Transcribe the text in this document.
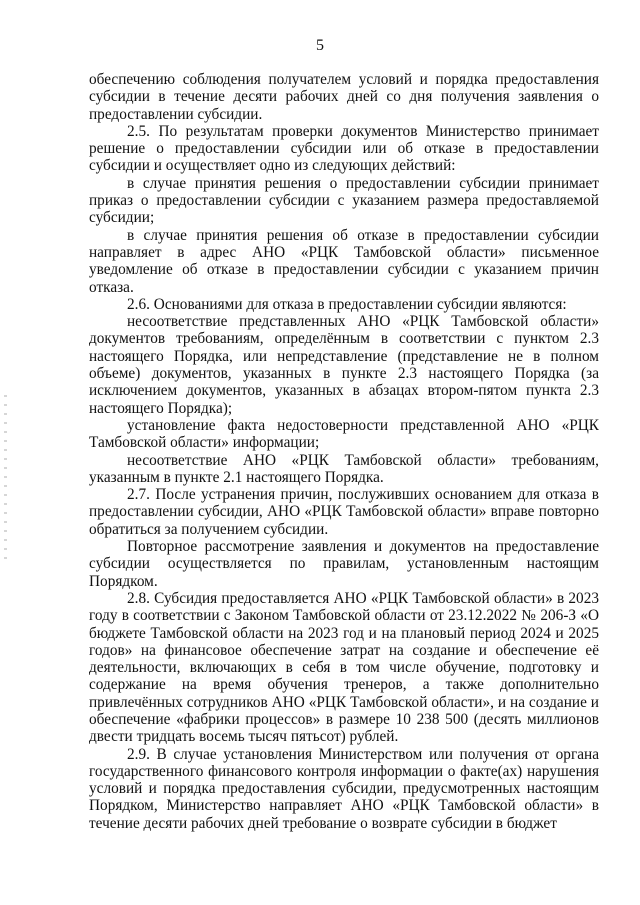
5

обеспечению соблюдения получателем условий и порядка предоставления субсидии в течение десяти рабочих дней со дня получения заявления о предоставлении субсидии.

2.5. По результатам проверки документов Министерство принимает решение о предоставлении субсидии или об отказе в предоставлении субсидии и осуществляет одно из следующих действий:

в случае принятия решения о предоставлении субсидии принимает приказ о предоставлении субсидии с указанием размера предоставляемой субсидии;

в случае принятия решения об отказе в предоставлении субсидии направляет в адрес АНО «РЦК Тамбовской области» письменное уведомление об отказе в предоставлении субсидии с указанием причин отказа.

2.6. Основаниями для отказа в предоставлении субсидии являются:

несоответствие представленных АНО «РЦК Тамбовской области» документов требованиям, определённым в соответствии с пунктом 2.3 настоящего Порядка, или непредставление (представление не в полном объеме) документов, указанных в пункте 2.3 настоящего Порядка (за исключением документов, указанных в абзацах втором-пятом пункта 2.3 настоящего Порядка);

установление факта недостоверности представленной АНО «РЦК Тамбовской области» информации;

несоответствие АНО «РЦК Тамбовской области» требованиям, указанным в пункте 2.1 настоящего Порядка.

2.7. После устранения причин, послуживших основанием для отказа в предоставлении субсидии, АНО «РЦК Тамбовской области» вправе повторно обратиться за получением субсидии.

Повторное рассмотрение заявления и документов на предоставление субсидии осуществляется по правилам, установленным настоящим Порядком.

2.8. Субсидия предоставляется АНО «РЦК Тамбовской области» в 2023 году в соответствии с Законом Тамбовской области от 23.12.2022 № 206-З «О бюджете Тамбовской области на 2023 год и на плановый период 2024 и 2025 годов» на финансовое обеспечение затрат на создание и обеспечение её деятельности, включающих в себя в том числе обучение, подготовку и содержание на время обучения тренеров, а также дополнительно привлечённых сотрудников АНО «РЦК Тамбовской области», и на создание и обеспечение «фабрики процессов» в размере 10 238 500 (десять миллионов двести тридцать восемь тысяч пятьсот) рублей.

2.9. В случае установления Министерством или получения от органа государственного финансового контроля информации о факте(ах) нарушения условий и порядка предоставления субсидии, предусмотренных настоящим Порядком, Министерство направляет АНО «РЦК Тамбовской области» в течение десяти рабочих дней требование о возврате субсидии в бюджет
